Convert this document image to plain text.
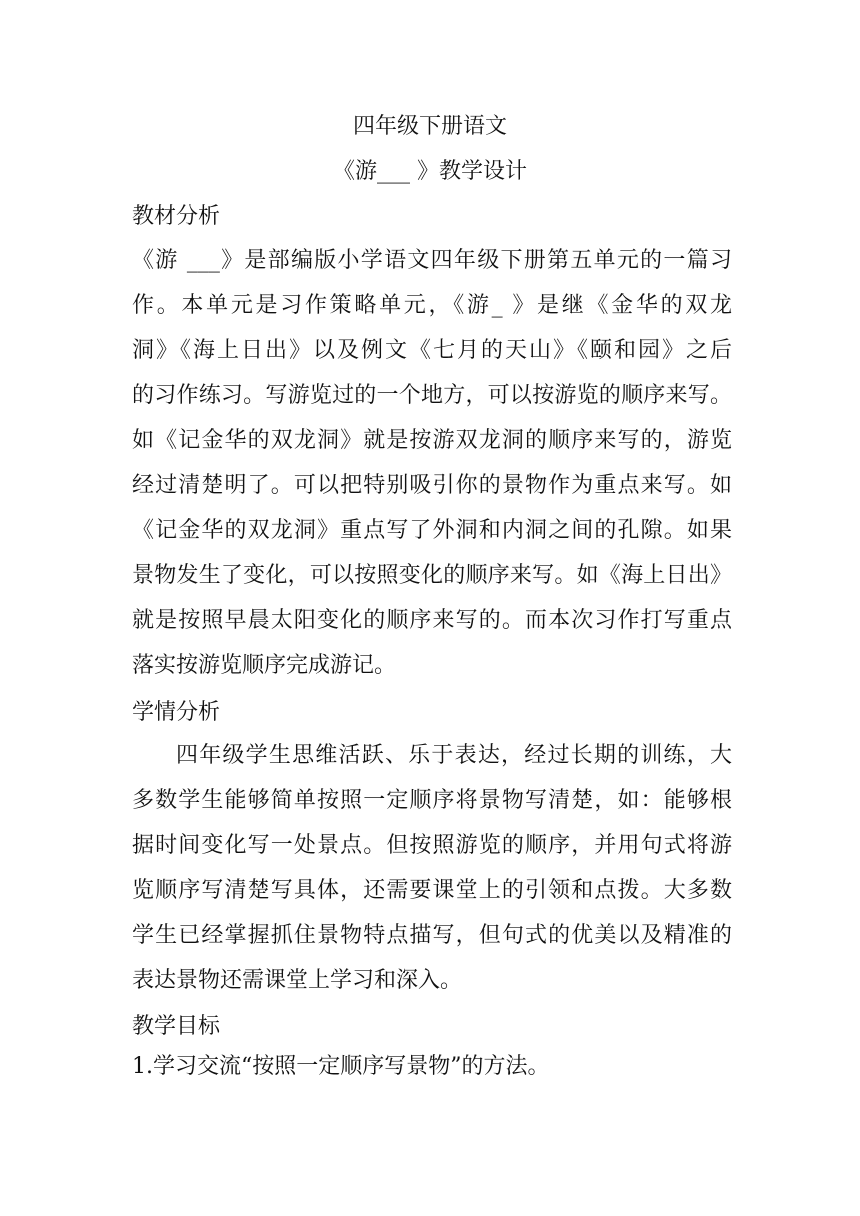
四年级下册语文
《游___ 》教学设计
教材分析
《游 ___》是部编版小学语文四年级下册第五单元的一篇习
作。本单元是习作策略单元，《游_ 》是继《金华的双龙
洞》《海上日出》以及例文《七月的天山》《颐和园》之后
的习作练习。写游览过的一个地方，可以按游览的顺序来写。
如《记金华的双龙洞》就是按游双龙洞的顺序来写的，游览
经过清楚明了。可以把特别吸引你的景物作为重点来写。如
《记金华的双龙洞》重点写了外洞和内洞之间的孔隙。如果
景物发生了变化，可以按照变化的顺序来写。如《海上日出》
就是按照早晨太阳变化的顺序来写的。而本次习作打写重点
落实按游览顺序完成游记。
学情分析
四年级学生思维活跃、乐于表达，经过长期的训练，大
多数学生能够简单按照一定顺序将景物写清楚，如：能够根
据时间变化写一处景点。但按照游览的顺序，并用句式将游
览顺序写清楚写具体，还需要课堂上的引领和点拨。大多数
学生已经掌握抓住景物特点描写，但句式的优美以及精准的
表达景物还需课堂上学习和深入。
教学目标
1.学习交流“按照一定顺序写景物”的方法。
